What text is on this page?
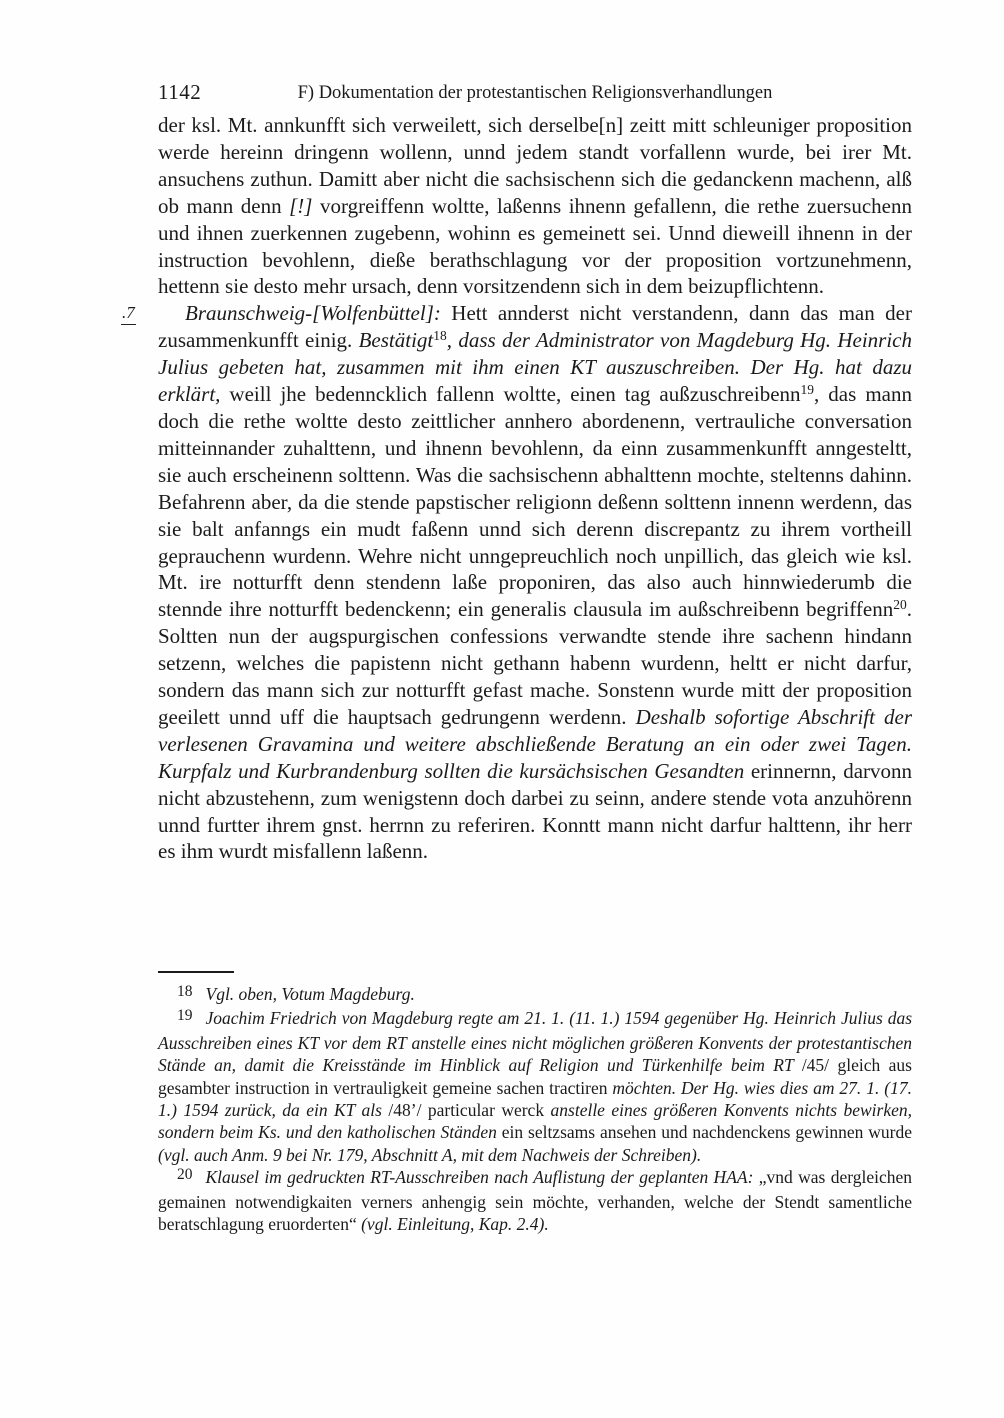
1142	F) Dokumentation der protestantischen Religionsverhandlungen
.7

der ksl. Mt. annkunfft sich verweilett, sich derselbe[n] zeitt mitt schleuniger proposition werde hereinn dringenn wollenn, unnd jedem standt vorfallenn wurde, bei irer Mt. ansuchens zuthun. Damitt aber nicht die sachsischenn sich die gedanckenn machenn, alß ob mann denn [!] vorgreiffenn woltte, laßenns ihnenn gefallenn, die rethe zuersuchenn und ihnen zuerkennen zugebenn, wohinn es gemeinett sei. Unnd dieweill ihnenn in der instruction bevohlenn, dieße berathschlagung vor der proposition vortzunehmenn, hettenn sie desto mehr ursach, denn vorsitzendenn sich in dem beizupflichtenn.

Braunschweig-[Wolfenbüttel]: Hett annderst nicht verstandenn, dann das man der zusammenkunfft einig. Bestätigt$^{18}$, dass der Administrator von Magdeburg Hg. Heinrich Julius gebeten hat, zusammen mit ihm einen KT auszuschreiben. Der Hg. hat dazu erklärt, weill jhe bedenncklich fallenn woltte, einen tag außzuschreibenn$^{19}$, das mann doch die rethe woltte desto zeittlicher annhero abordenenn, vertrauliche conversation mitteinnander zuhalttenn, und ihnenn bevohlenn, da einn zusammenkunfft anngesteltt, sie auch erscheinenn solttenn. Was die sachsischenn abhalttenn mochte, steltenns dahinn. Befahrenn aber, da die stende papstischer religionn deßenn solttenn innenn werdenn, das sie balt anfanngs ein mudt faßenn unnd sich derenn discrepantz zu ihrem vortheill geprauchenn wurdenn. Wehre nicht unngepreuchlich noch unpillich, das gleich wie ksl. Mt. ire notturfft denn stendenn laße proponiren, das also auch hinnwiederumb die stennde ihre notturfft bedenckenn; ein generalis clausula im außschreibenn begriffenn$^{20}$. Soltten nun der augspurgischen confessions verwandte stende ihre sachenn hindann setzenn, welches die papistenn nicht gethann habenn wurdenn, heltt er nicht darfur, sondern das mann sich zur notturfft gefast mache. Sonstenn wurde mitt der proposition geeilett unnd uff die hauptsach gedrungenn werdenn. Deshalb sofortige Abschrift der verlesenen Gravamina und weitere abschließende Beratung an ein oder zwei Tagen. Kurpfalz und Kurbrandenburg sollten die kursächsischen Gesandten erinnernn, darvonn nicht abzustehenn, zum wenigstenn doch darbei zu seinn, andere stende vota anzuhörenn unnd furtter ihrem gnst. herrnn zu referiren. Konntt mann nicht darfur halttenn, ihr herr es ihm wurdt misfallenn laßenn.

18 Vgl. oben, Votum Magdeburg.

19 Joachim Friedrich von Magdeburg regte am 21. 1. (11. 1.) 1594 gegenüber Hg. Heinrich Julius das Ausschreiben eines KT vor dem RT anstelle eines nicht möglichen größeren Konvents der protestantischen Stände an, damit die Kreisstände im Hinblick auf Religion und Türkenhilfe beim RT /45/ gleich aus gesambter instruction in vertrauligkeit gemeine sachen tractiren möchten. Der Hg. wies dies am 27. 1. (17. 1.) 1594 zurück, da ein KT als /48’/ particular werck anstelle eines größeren Konvents nichts bewirken, sondern beim Ks. und den katholischen Ständen ein seltzsams ansehen und nachdenckens gewinnen wurde (vgl. auch Anm. 9 bei Nr. 179, Abschnitt A, mit dem Nachweis der Schreiben).

20 Klausel im gedruckten RT-Ausschreiben nach Auflistung der geplanten HAA: „vnd was dergleichen gemainen notwendigkaiten verners anhengig sein möchte, verhanden, welche der Stendt samentliche beratschlagung eruorderten“ (vgl. Einleitung, Kap. 2.4).
